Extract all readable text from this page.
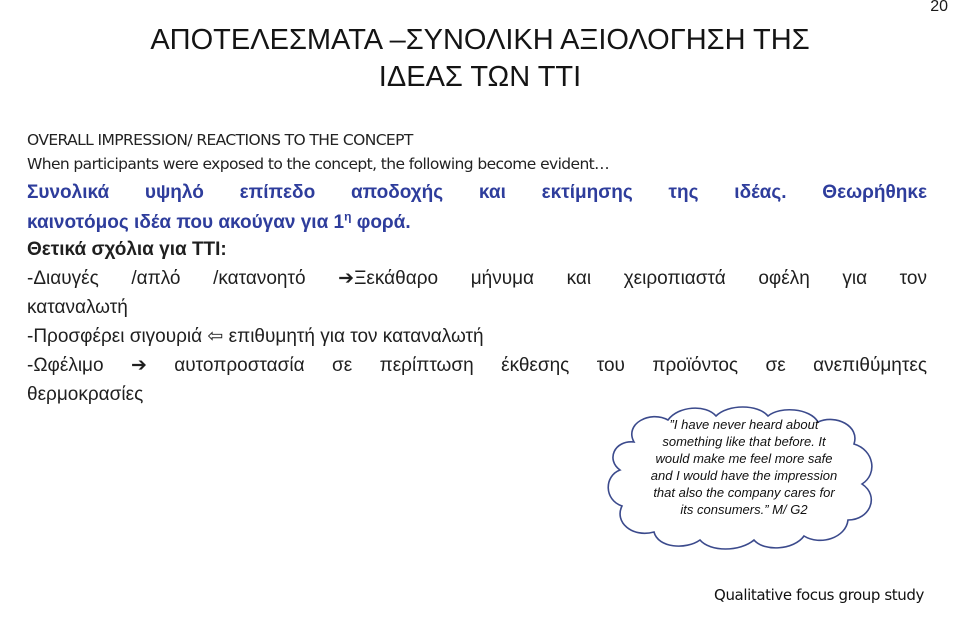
20
ΑΠΟΤΕΛΕΣΜΑΤΑ –ΣΥΝΟΛΙΚΗ ΑΞΙΟΛΟΓΗΣΗ ΤΗΣ
ΙΔΕΑΣ ΤΩΝ ΤΤΙ
OVERALL IMPRESSION/ REACTIONS TO THE CONCEPT
When participants were exposed to the concept, the following become evident…
Συνολικά υψηλό επίπεδο αποδοχής και εκτίμησης της ιδέας. Θεωρήθηκε
καινοτόμος ιδέα που ακούγαν για $1^\eta$ φορά.
Θετικά σχόλια για TTI:
-Διαυγές /απλό /κατανοητό ➔Ξεκάθαρο μήνυμα και χειροπιαστά οφέλη για τον
καταναλωτή
-Προσφέρει σιγουριά ⇦ επιθυμητή για τον καταναλωτή
-Ωφέλιμο ➔ αυτοπροστασία σε περίπτωση έκθεσης του προϊόντος σε ανεπιθύμητες
θερμοκρασίες
”I have never heard about something like that before. It would make me feel more safe and I would have the impression that also the company cares for its consumers.” M/ G2
Qualitative focus group study
